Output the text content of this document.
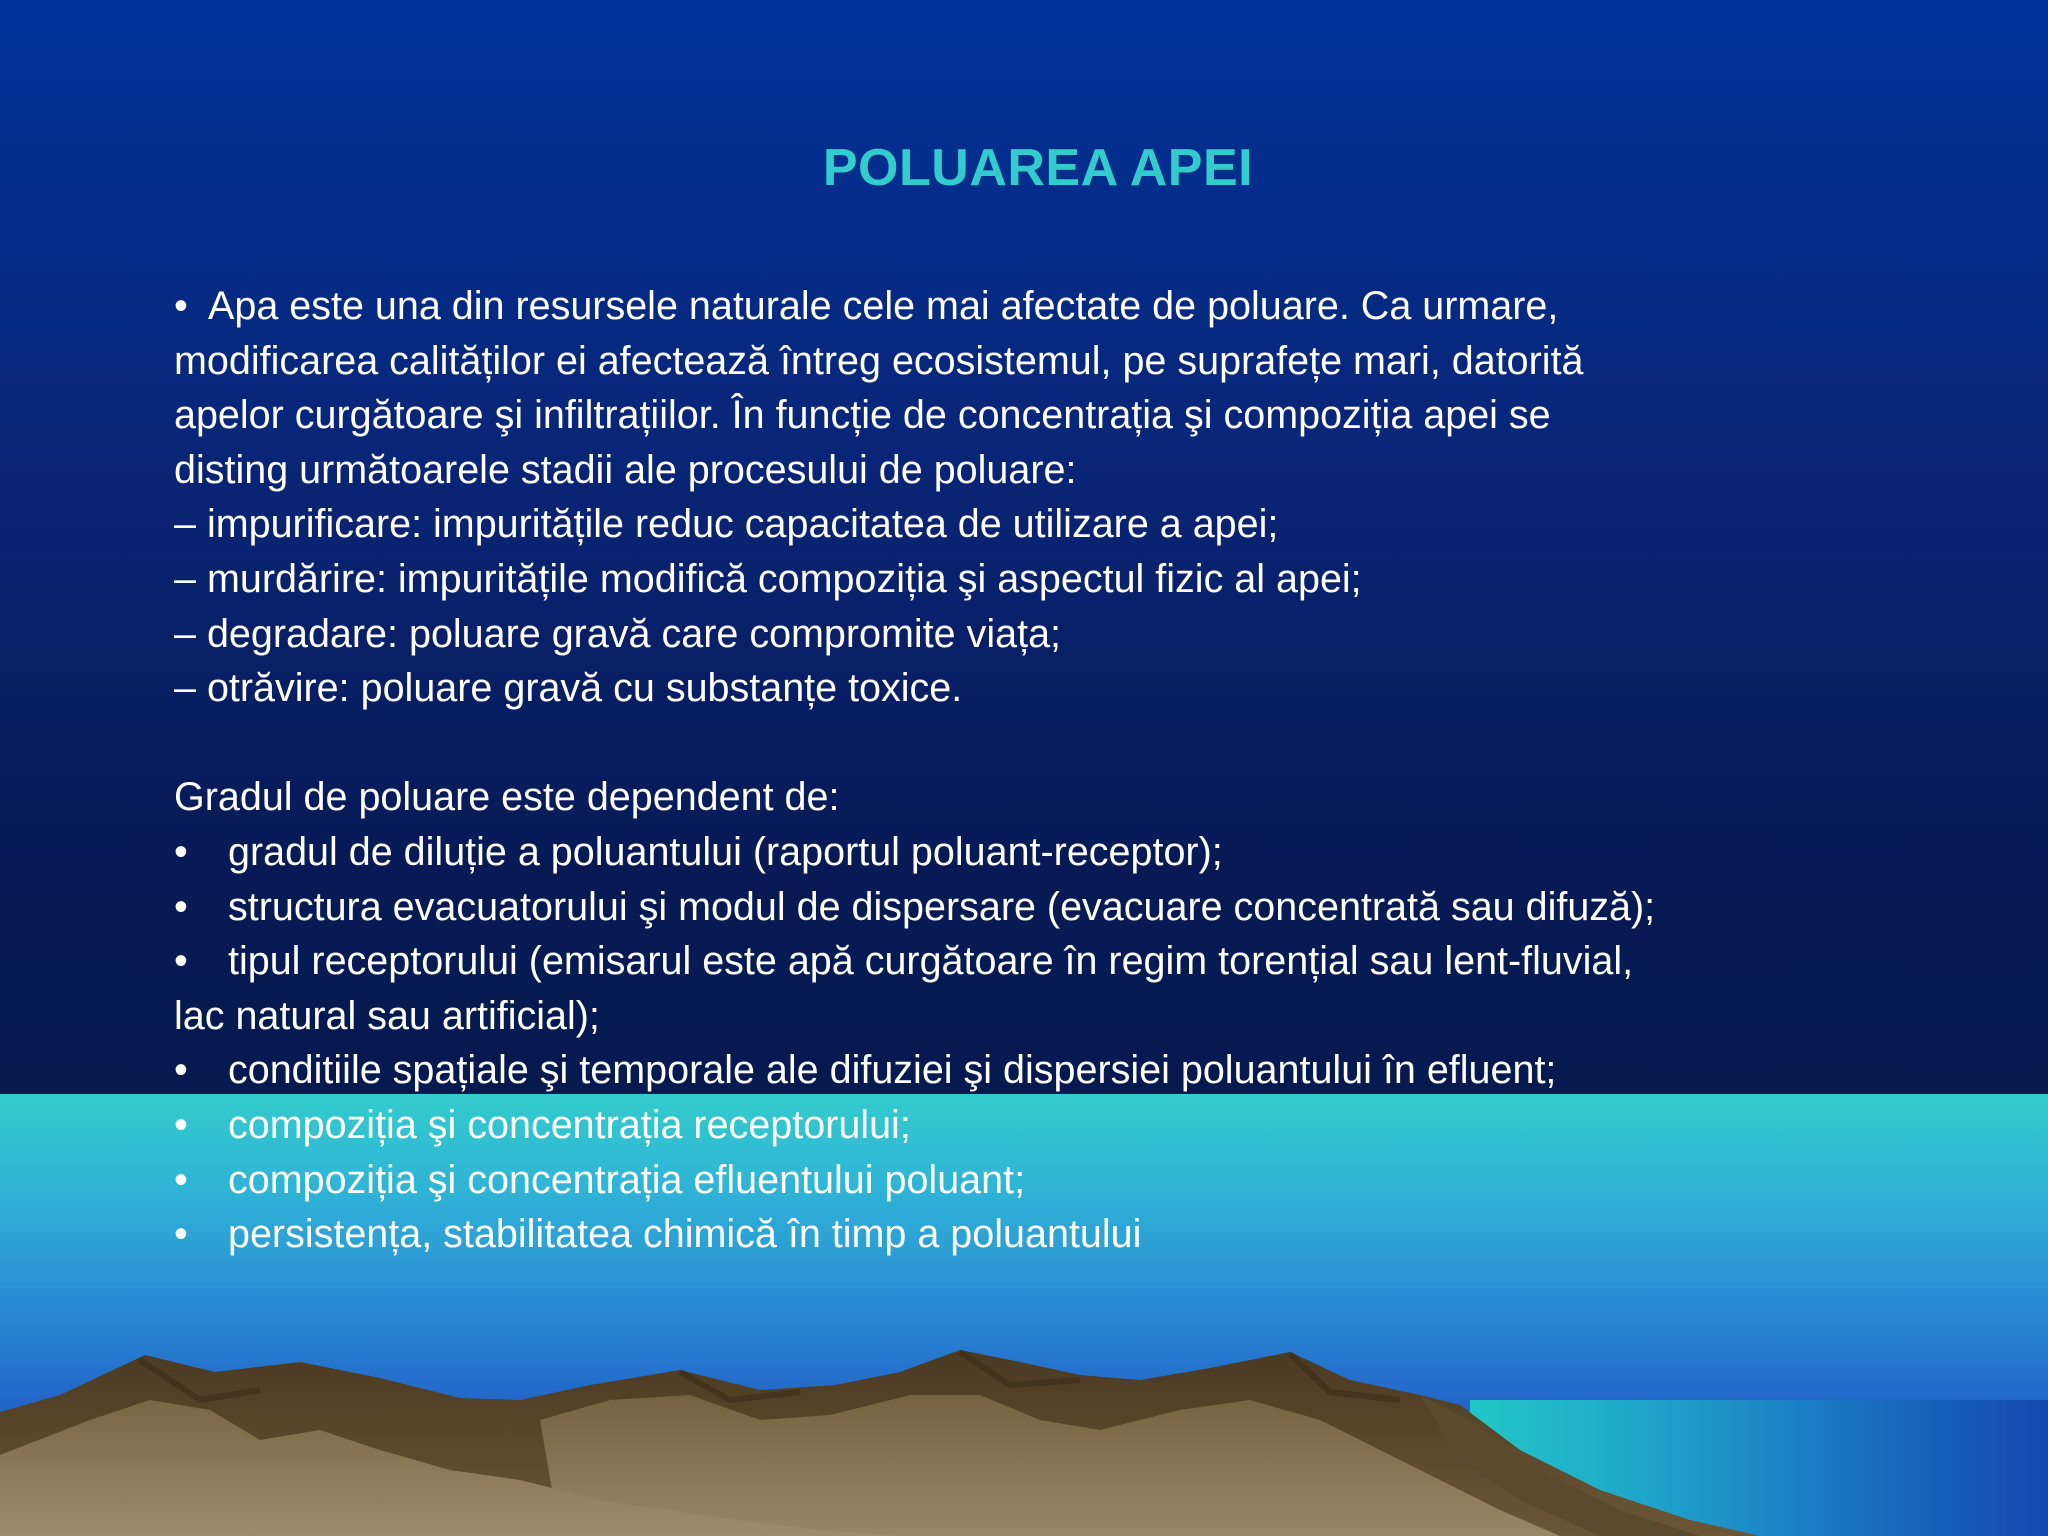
POLUAREA APEI
• Apa este una din resursele naturale cele mai afectate de poluare. Ca urmare,
modificarea calităților ei afectează întreg ecosistemul, pe suprafețe mari, datorită
apelor curgătoare şi infiltrațiilor. În funcție de concentrația şi compoziția apei se
disting următoarele stadii ale procesului de poluare:
– impurificare: impuritățile reduc capacitatea de utilizare a apei;
– murdărire: impuritățile modifică compoziția şi aspectul fizic al apei;
– degradare: poluare gravă care compromite viața;
– otrăvire: poluare gravă cu substanțe toxice.
Gradul de poluare este dependent de:
• gradul de diluție a poluantului (raportul poluant-receptor);
• structura evacuatorului şi modul de dispersare (evacuare concentrată sau difuză);
• tipul receptorului (emisarul este apă curgătoare în regim torențial sau lent-fluvial,
lac natural sau artificial);
• conditiile spațiale şi temporale ale difuziei şi dispersiei poluantului în efluent;
• compoziția şi concentrația receptorului;
• compoziția şi concentrația efluentului poluant;
• persistența, stabilitatea chimică în timp a poluantului
